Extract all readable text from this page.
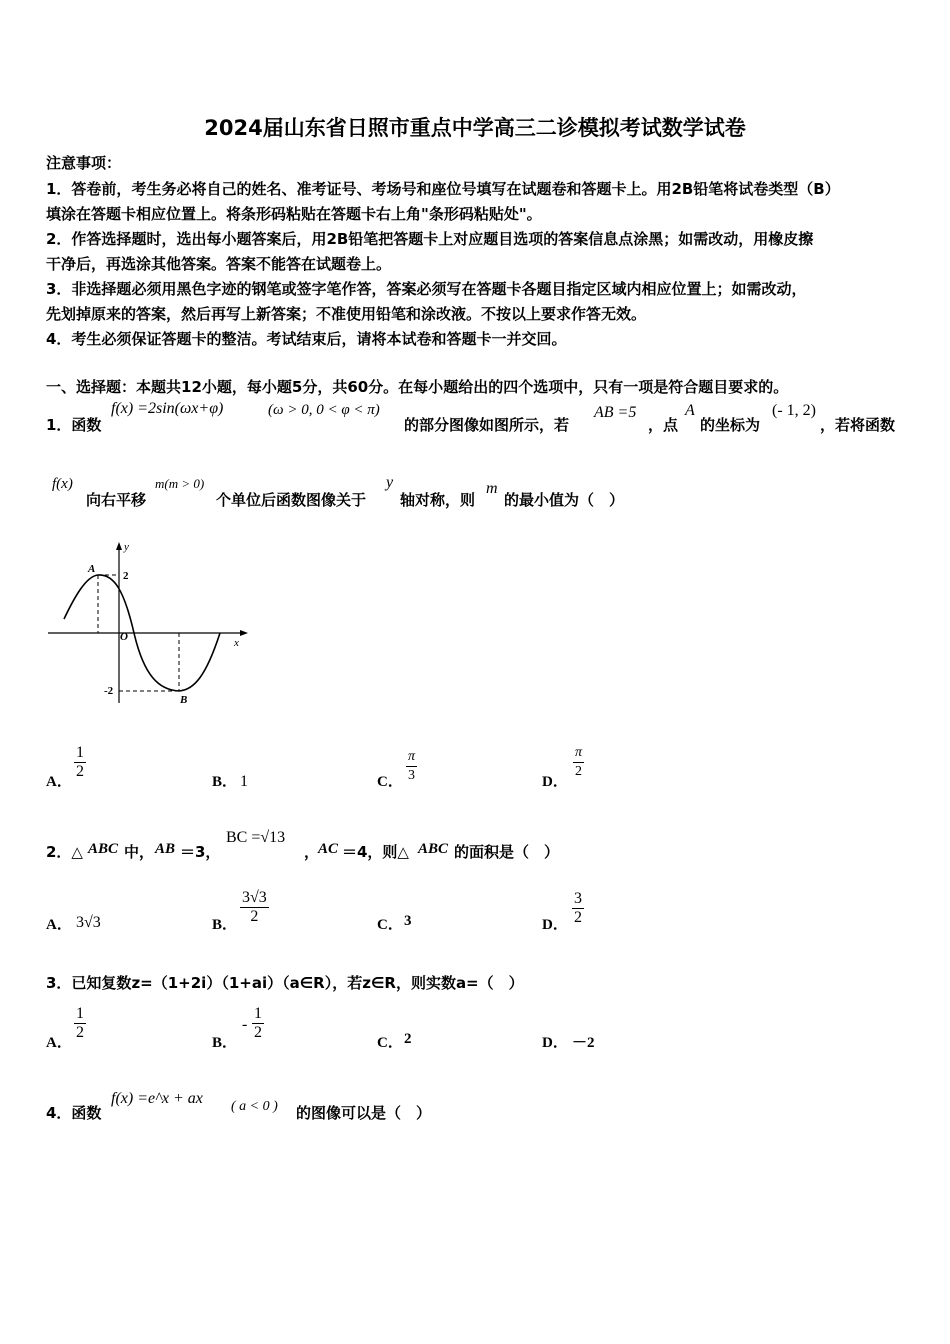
2024届山东省日照市重点中学高三二诊模拟考试数学试卷
注意事项：
1．答卷前，考生务必将自己的姓名、准考证号、考场号和座位号填写在试题卷和答题卡上。用2B铅笔将试卷类型（B）
填涂在答题卡相应位置上。将条形码粘贴在答题卡右上角"条形码粘贴处"。
2．作答选择题时，选出每小题答案后，用2B铅笔把答题卡上对应题目选项的答案信息点涂黑；如需改动，用橡皮擦
干净后，再选涂其他答案。答案不能答在试题卷上。
3．非选择题必须用黑色字迹的钢笔或签字笔作答，答案必须写在答题卡各题目指定区域内相应位置上；如需改动，
先划掉原来的答案，然后再写上新答案；不准使用铅笔和涂改液。不按以上要求作答无效。
4．考生必须保证答题卡的整洁。考试结束后，请将本试卷和答题卡一并交回。
一、选择题：本题共12小题，每小题5分，共60分。在每小题给出的四个选项中，只有一项是符合题目要求的。
1．函数
f(x) =2sin(ωx+φ)	(ω > 0, 0 < φ < π)
的部分图像如图所示，若
AB =5
，点
A
的坐标为
(- 1, 2)
，若将函数
f(x)
向右平移
m(m > 0)
个单位后函数图像关于
y
轴对称，则
m
的最小值为（　）
A
B
O	x
y
2
-2
A．
1
2
B． 1	C．
π
3	D．
π
2
2．△ ABC 中， AB ＝3，
BC =√13
，
AC ＝4，则△ ABC 的面积是（　）
A． 3√3	B．
3√3
2	C． 3	D．
3
2
3．已知复数z=（1+2i）（1+ai）（a∈R），若z∈R，则实数a=（　）
A．
1
2
B．
-
1
2
C． 2	D． －2
4．函数
f(x) =e^x + ax ( a < 0 ) 的图像可以是（　）
